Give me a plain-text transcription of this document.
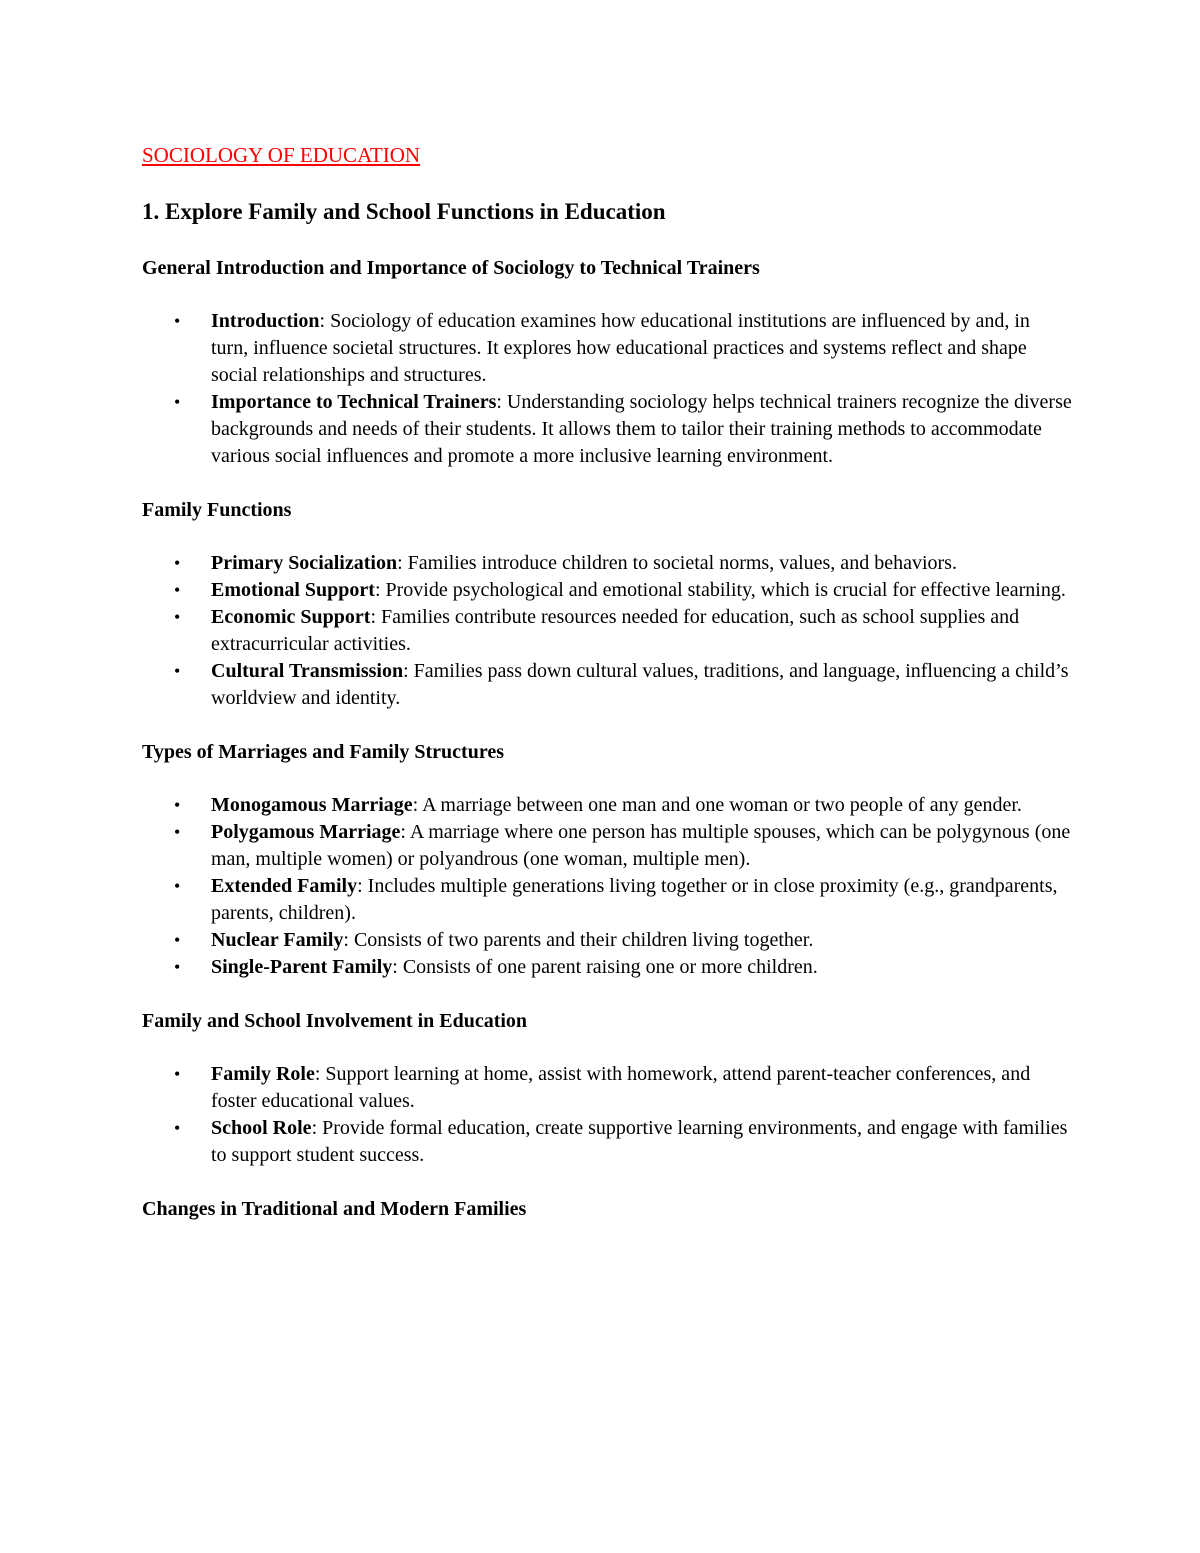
SOCIOLOGY OF EDUCATION

1. Explore Family and School Functions in Education
General Introduction and Importance of Sociology to Technical Trainers
• Introduction: Sociology of education examines how educational institutions are influenced by and, in turn, influence societal structures. It explores how educational practices and systems reflect and shape social relationships and structures.
• Importance to Technical Trainers: Understanding sociology helps technical trainers recognize the diverse backgrounds and needs of their students. It allows them to tailor their training methods to accommodate various social influences and promote a more inclusive learning environment.
Family Functions
• Primary Socialization: Families introduce children to societal norms, values, and behaviors.
• Emotional Support: Provide psychological and emotional stability, which is crucial for effective learning.
• Economic Support: Families contribute resources needed for education, such as school supplies and extracurricular activities.
• Cultural Transmission: Families pass down cultural values, traditions, and language, influencing a child’s worldview and identity.
Types of Marriages and Family Structures
• Monogamous Marriage: A marriage between one man and one woman or two people of any gender.
• Polygamous Marriage: A marriage where one person has multiple spouses, which can be polygynous (one man, multiple women) or polyandrous (one woman, multiple men).
• Extended Family: Includes multiple generations living together or in close proximity (e.g., grandparents, parents, children).
• Nuclear Family: Consists of two parents and their children living together.
• Single-Parent Family: Consists of one parent raising one or more children.
Family and School Involvement in Education
• Family Role: Support learning at home, assist with homework, attend parent-teacher conferences, and foster educational values.
• School Role: Provide formal education, create supportive learning environments, and engage with families to support student success.
Changes in Traditional and Modern Families
